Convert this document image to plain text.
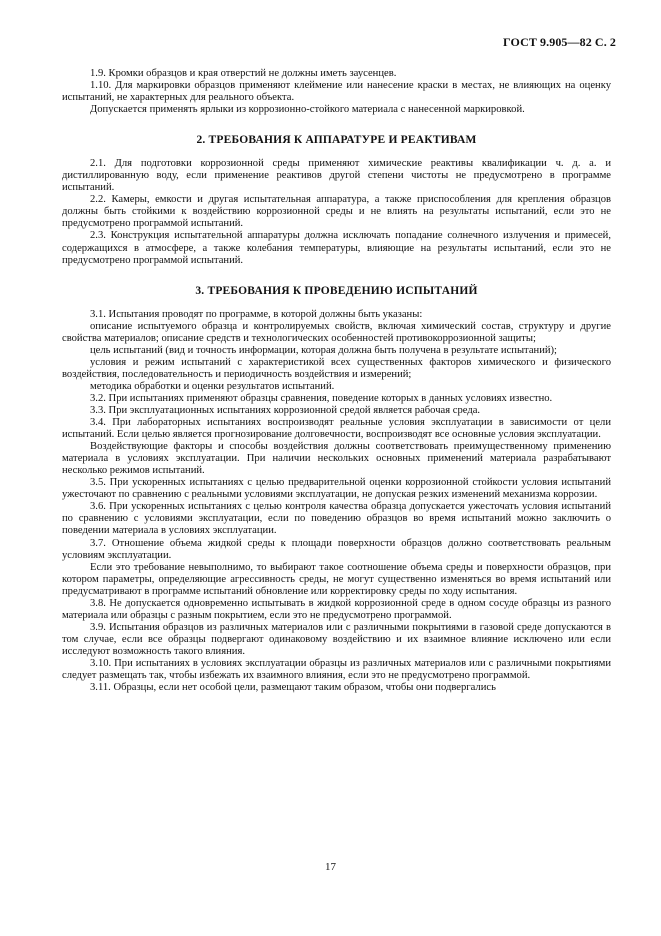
ГОСТ 9.905—82 С. 2

1.9. Кромки образцов и края отверстий не должны иметь заусенцев.

1.10. Для маркировки образцов применяют клеймение или нанесение краски в местах, не влияющих на оценку испытаний, не характерных для реального объекта.

Допускается применять ярлыки из коррозионно-стойкого материала с нанесенной маркировкой.

2. ТРЕБОВАНИЯ К АППАРАТУРЕ И РЕАКТИВАМ

2.1. Для подготовки коррозионной среды применяют химические реактивы квалификации ч. д. а. и дистиллированную воду, если применение реактивов другой степени чистоты не предусмотрено в программе испытаний.

2.2. Камеры, емкости и другая испытательная аппаратура, а также приспособления для крепления образцов должны быть стойкими к воздействию коррозионной среды и не влиять на результаты испытаний, если это не предусмотрено программой испытаний.

2.3. Конструкция испытательной аппаратуры должна исключать попадание солнечного излучения и примесей, содержащихся в атмосфере, а также колебания температуры, влияющие на результаты испытаний, если это не предусмотрено программой испытаний.

3. ТРЕБОВАНИЯ К ПРОВЕДЕНИЮ ИСПЫТАНИЙ

3.1. Испытания проводят по программе, в которой должны быть указаны:

описание испытуемого образца и контролируемых свойств, включая химический состав, структуру и другие свойства материалов; описание средств и технологических особенностей противокоррозионной защиты;

цель испытаний (вид и точность информации, которая должна быть получена в результате испытаний);

условия и режим испытаний с характеристикой всех существенных факторов химического и физического воздействия, последовательность и периодичность воздействия и измерений;

методика обработки и оценки результатов испытаний.

3.2. При испытаниях применяют образцы сравнения, поведение которых в данных условиях известно.

3.3. При эксплуатационных испытаниях коррозионной средой является рабочая среда.

3.4. При лабораторных испытаниях воспроизводят реальные условия эксплуатации в зависимости от цели испытаний. Если целью является прогнозирование долговечности, воспроизводят все основные условия эксплуатации.

Воздействующие факторы и способы воздействия должны соответствовать преимущественному применению материала в условиях эксплуатации. При наличии нескольких основных применений материала разрабатывают несколько режимов испытаний.

3.5. При ускоренных испытаниях с целью предварительной оценки коррозионной стойкости условия испытаний ужесточают по сравнению с реальными условиями эксплуатации, не допуская резких изменений механизма коррозии.

3.6. При ускоренных испытаниях с целью контроля качества образца допускается ужесточать условия испытаний по сравнению с условиями эксплуатации, если по поведению образцов во время испытаний можно заключить о поведении материала в условиях эксплуатации.

3.7. Отношение объема жидкой среды к площади поверхности образцов должно соответствовать реальным условиям эксплуатации.

Если это требование невыполнимо, то выбирают такое соотношение объема среды и поверхности образцов, при котором параметры, определяющие агрессивность среды, не могут существенно изменяться во время испытаний или предусматривают в программе испытаний обновление или корректировку среды по ходу испытания.

3.8. Не допускается одновременно испытывать в жидкой коррозионной среде в одном сосуде образцы из разного материала или образцы с разным покрытием, если это не предусмотрено программой.

3.9. Испытания образцов из различных материалов или с различными покрытиями в газовой среде допускаются в том случае, если все образцы подвергают одинаковому воздействию и их взаимное влияние исключено или если исследуют возможность такого влияния.

3.10. При испытаниях в условиях эксплуатации образцы из различных материалов или с различными покрытиями следует размещать так, чтобы избежать их взаимного влияния, если это не предусмотрено программой.

3.11. Образцы, если нет особой цели, размещают таким образом, чтобы они подвергались

17
